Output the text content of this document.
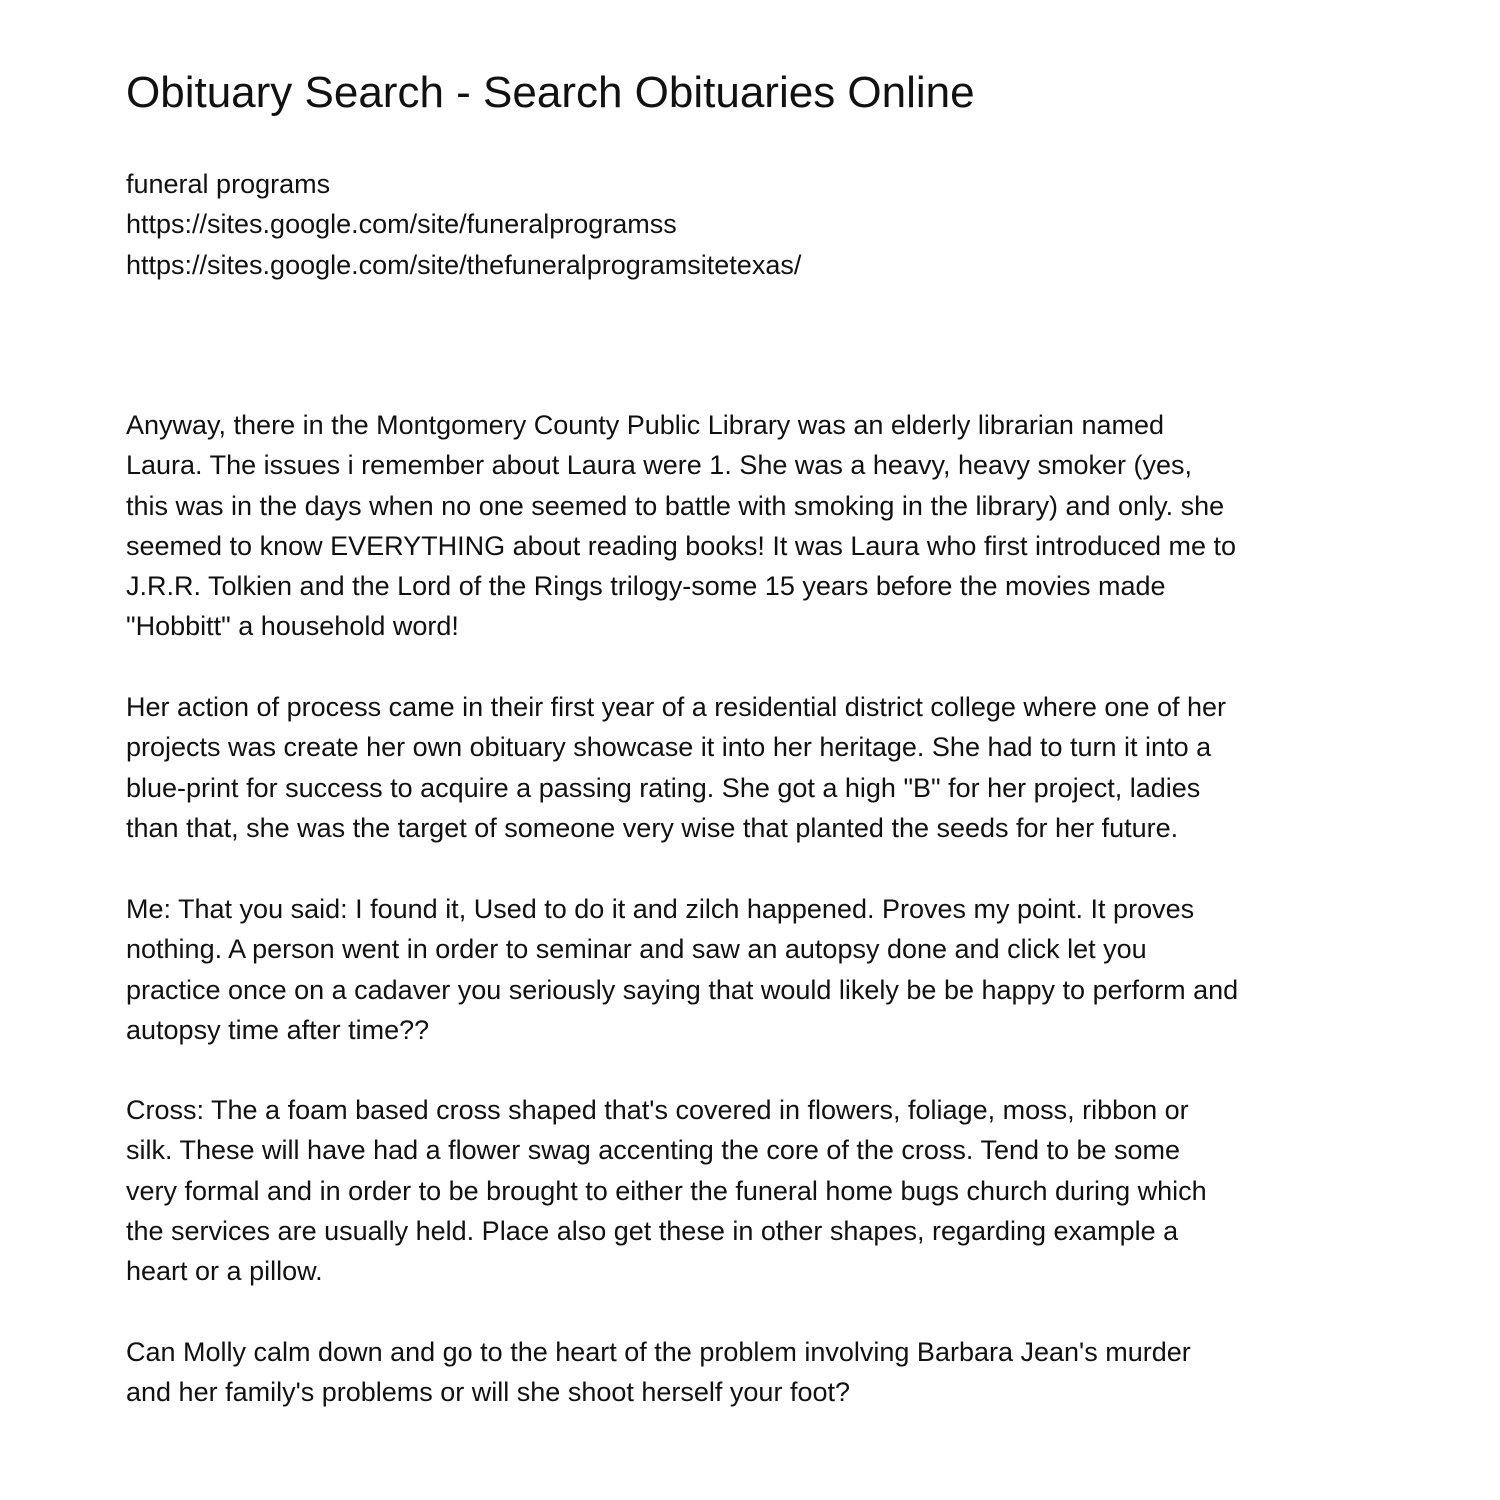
Obituary Search - Search Obituaries Online
funeral programs
https://sites.google.com/site/funeralprogramss
https://sites.google.com/site/thefuneralprogramsitetexas/
Anyway, there in the Montgomery County Public Library was an elderly librarian named
Laura. The issues i remember about Laura were 1. She was a heavy, heavy smoker (yes,
this was in the days when no one seemed to battle with smoking in the library) and only. she
seemed to know EVERYTHING about reading books! It was Laura who first introduced me to
J.R.R. Tolkien and the Lord of the Rings trilogy-some 15 years before the movies made
"Hobbitt" a household word!
Her action of process came in their first year of a residential district college where one of her
projects was create her own obituary showcase it into her heritage. She had to turn it into a
blue-print for success to acquire a passing rating. She got a high "B" for her project, ladies
than that, she was the target of someone very wise that planted the seeds for her future.
Me: That you said: I found it, Used to do it and zilch happened. Proves my point. It proves
nothing. A person went in order to seminar and saw an autopsy done and click let you
practice once on a cadaver you seriously saying that would likely be be happy to perform and
autopsy time after time??
Cross: The a foam based cross shaped that's covered in flowers, foliage, moss, ribbon or
silk. These will have had a flower swag accenting the core of the cross. Tend to be some
very formal and in order to be brought to either the funeral home bugs church during which
the services are usually held. Place also get these in other shapes, regarding example a
heart or a pillow.
Can Molly calm down and go to the heart of the problem involving Barbara Jean's murder
and her family's problems or will she shoot herself your foot?
